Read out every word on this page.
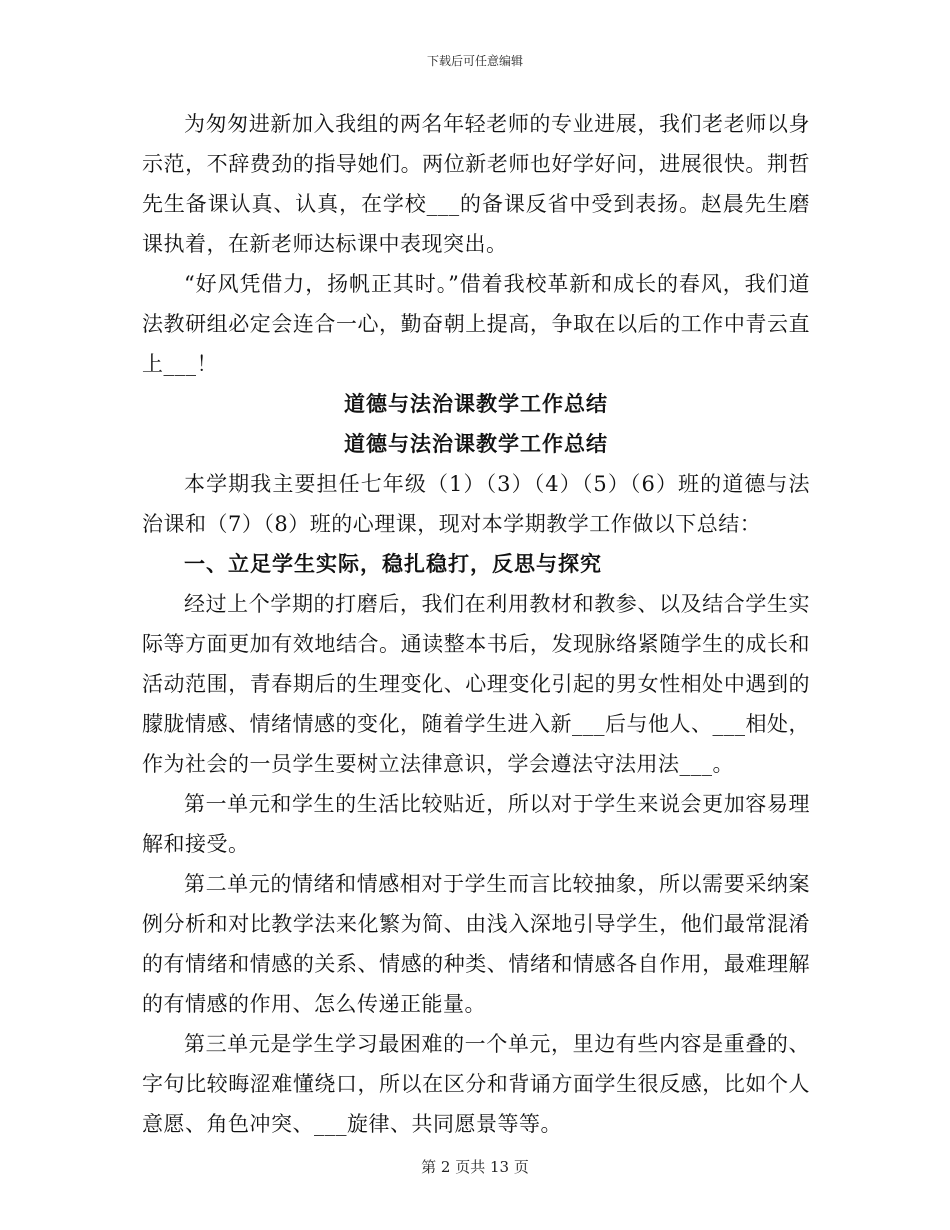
下载后可任意编辑

为匆匆进新加入我组的两名年轻老师的专业进展，我们老老师以身示范，不辞费劲的指导她们。两位新老师也好学好问，进展很快。荆哲先生备课认真、认真，在学校___的备课反省中受到表扬。赵晨先生磨课执着，在新老师达标课中表现突出。

“好风凭借力，扬帆正其时。”借着我校革新和成长的春风，我们道法教研组必定会连合一心，勤奋朝上提高，争取在以后的工作中青云直上___！

道德与法治课教学工作总结

道德与法治课教学工作总结

本学期我主要担任七年级（1）（3）（4）（5）（6）班的道德与法治课和（7）（8）班的心理课，现对本学期教学工作做以下总结：

一、立足学生实际，稳扎稳打，反思与探究

经过上个学期的打磨后，我们在利用教材和教参、以及结合学生实际等方面更加有效地结合。通读整本书后，发现脉络紧随学生的成长和活动范围，青春期后的生理变化、心理变化引起的男女性相处中遇到的朦胧情感、情绪情感的变化，随着学生进入新___后与他人、___相处，作为社会的一员学生要树立法律意识，学会遵法守法用法___。

第一单元和学生的生活比较贴近，所以对于学生来说会更加容易理解和接受。

第二单元的情绪和情感相对于学生而言比较抽象，所以需要采纳案例分析和对比教学法来化繁为简、由浅入深地引导学生，他们最常混淆的有情绪和情感的关系、情感的种类、情绪和情感各自作用，最难理解的有情感的作用、怎么传递正能量。

第三单元是学生学习最困难的一个单元，里边有些内容是重叠的、字句比较晦涩难懂绕口，所以在区分和背诵方面学生很反感，比如个人意愿、角色冲突、___旋律、共同愿景等等。

第 2 页共 13 页
